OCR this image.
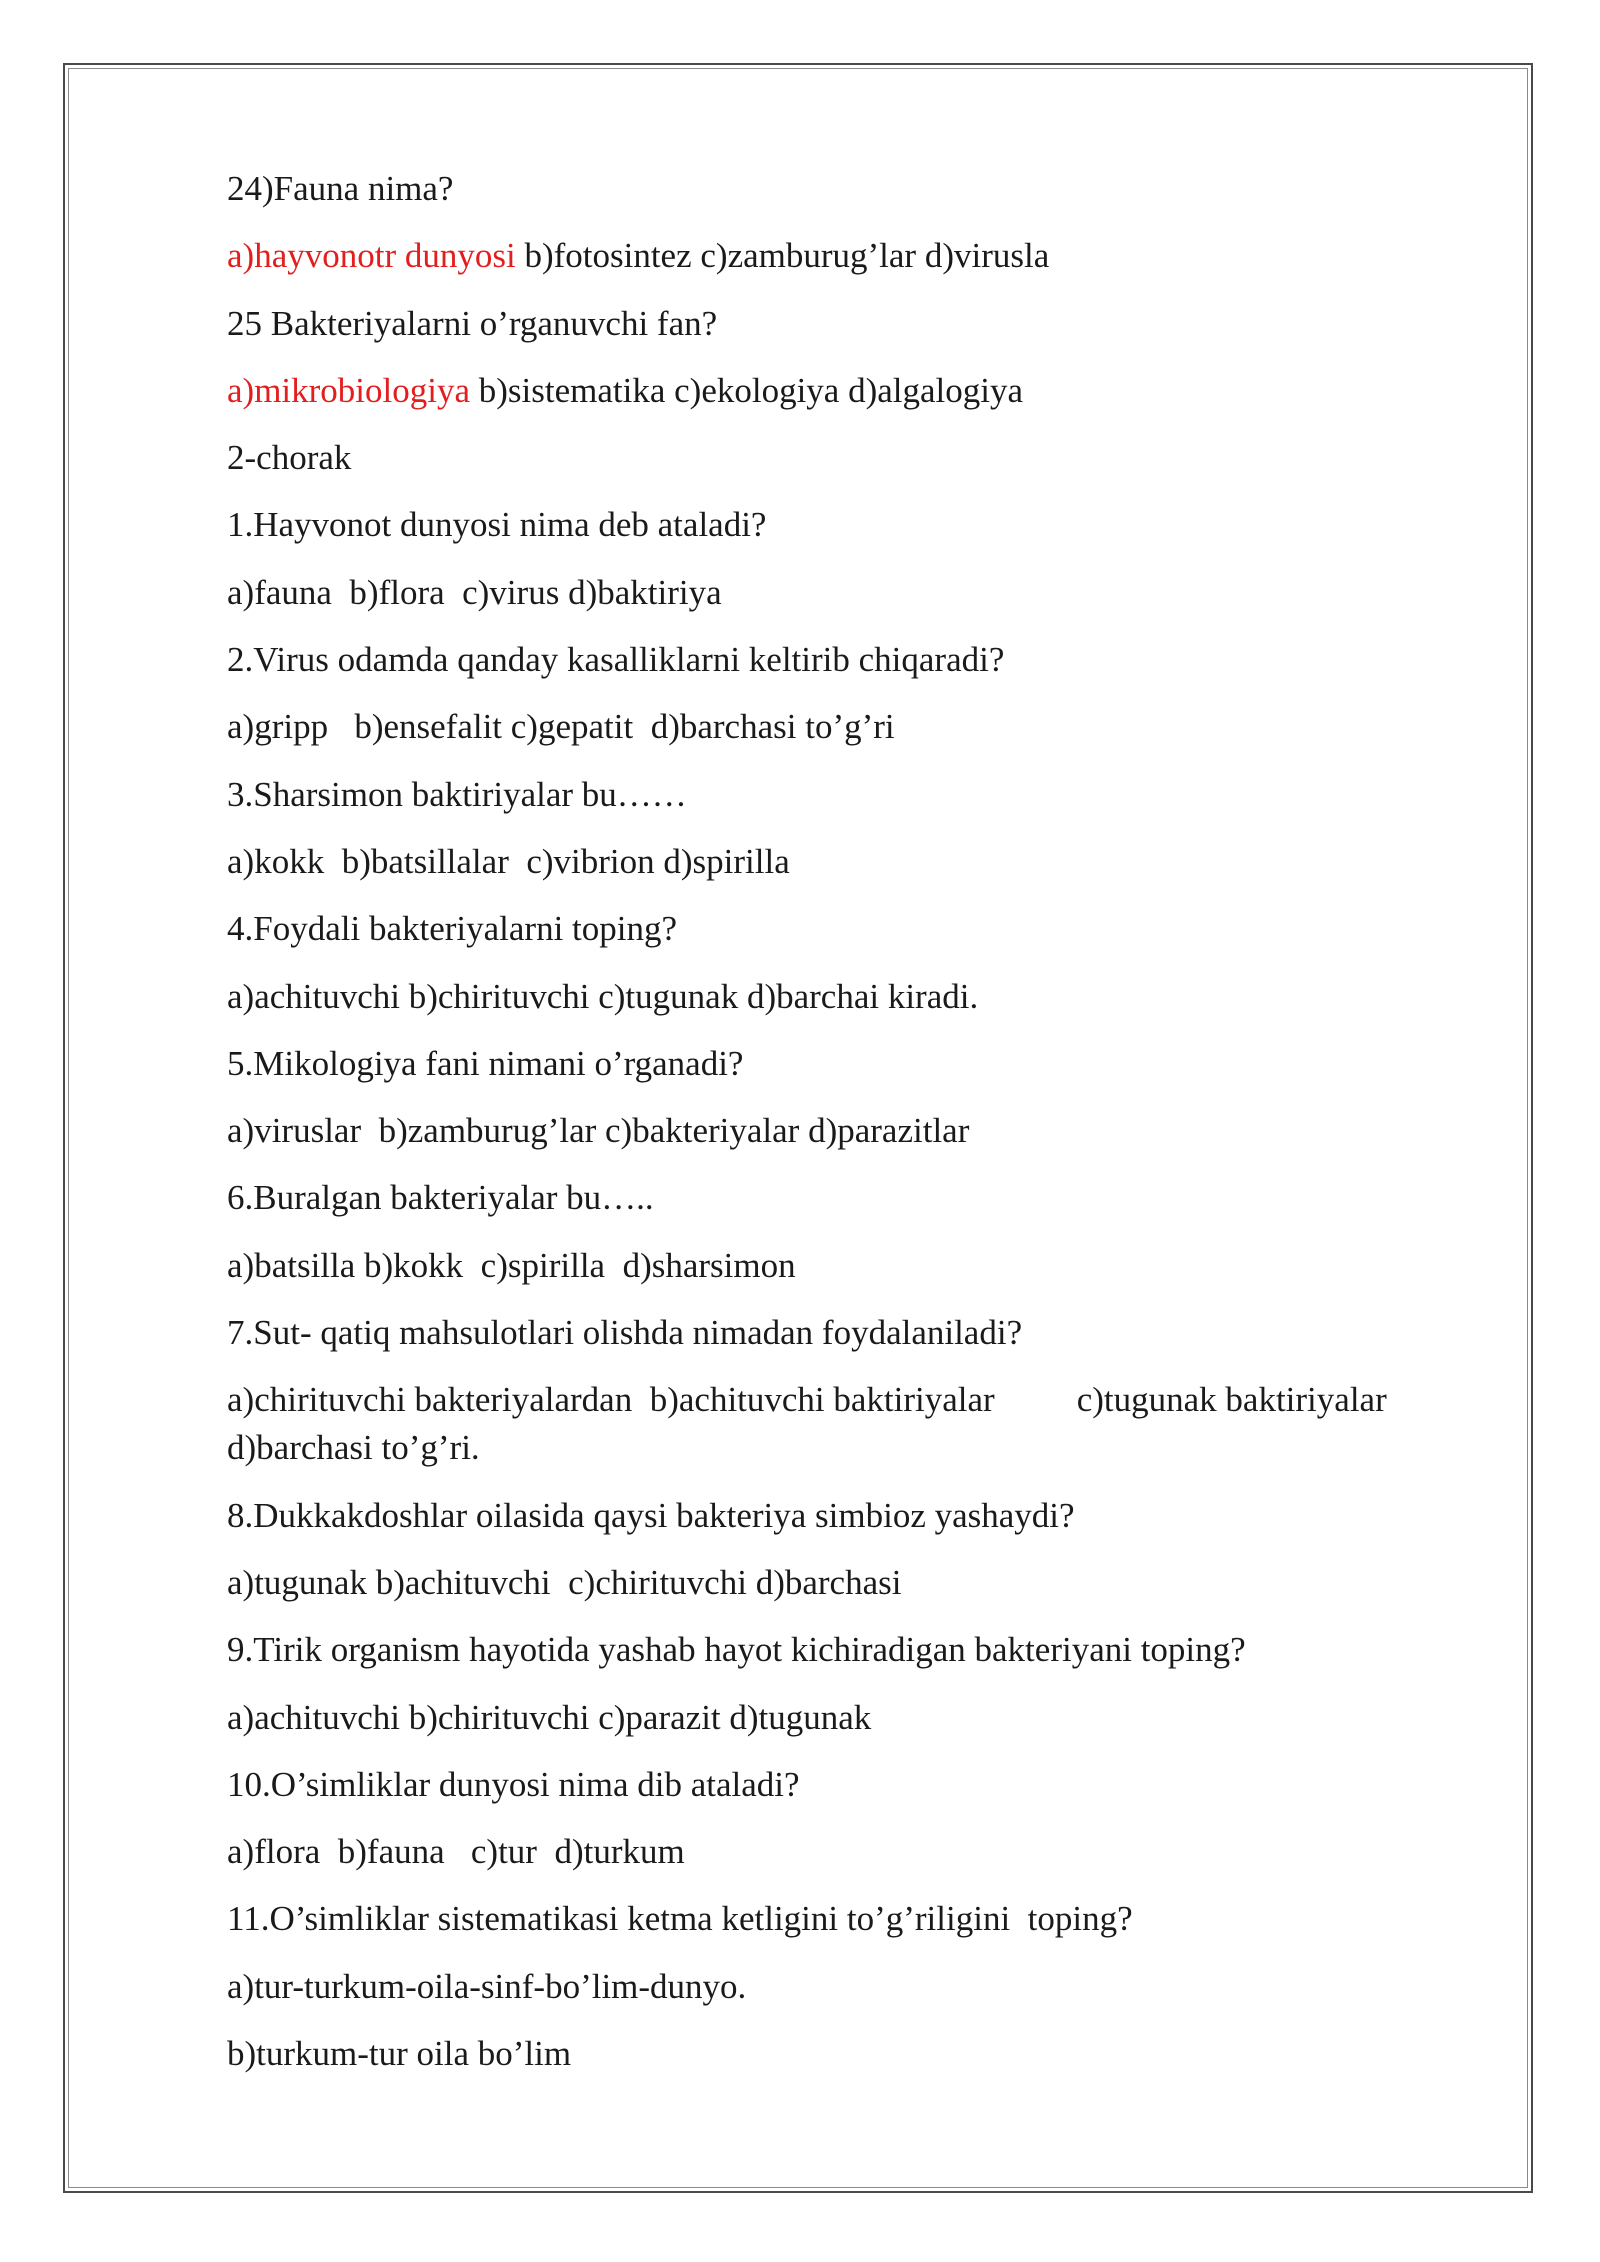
24)Fauna nima?
a)hayvonotr dunyosi b)fotosintez c)zamburug’lar d)virusla
25 Bakteriyalarni o’rganuvchi fan?
a)mikrobiologiya b)sistematika c)ekologiya d)algalogiya
2-chorak
1.Hayvonot dunyosi nima deb ataladi?
a)fauna  b)flora  c)virus d)baktiriya
2.Virus odamda qanday kasalliklarni keltirib chiqaradi?
a)gripp   b)ensefalit c)gepatit  d)barchasi to’g’ri
3.Sharsimon baktiriyalar bu……
a)kokk  b)batsillalar  c)vibrion d)spirilla
4.Foydali bakteriyalarni toping?
a)achituvchi b)chirituvchi c)tugunak d)barchai kiradi.
5.Mikologiya fani nimani o’rganadi?
a)viruslar  b)zamburug’lar c)bakteriyalar d)parazitlar
6.Buralgan bakteriyalar bu…..
a)batsilla b)kokk  c)spirilla  d)sharsimon
7.Sut- qatiq mahsulotlari olishda nimadan foydalaniladi?
a)chirituvchi bakteriyalardan  b)achituvchi baktiriyalar c)tugunak baktiriyalar
d)barchasi to’g’ri.
8.Dukkakdoshlar oilasida qaysi bakteriya simbioz yashaydi?
a)tugunak b)achituvchi  c)chirituvchi d)barchasi
9.Tirik organism hayotida yashab hayot kichiradigan bakteriyani toping?
a)achituvchi b)chirituvchi c)parazit d)tugunak
10.O’simliklar dunyosi nima dib ataladi?
a)flora  b)fauna   c)tur  d)turkum
11.O’simliklar sistematikasi ketma ketligini to’g’riligini  toping?
a)tur-turkum-oila-sinf-bo’lim-dunyo.
b)turkum-tur oila bo’lim
